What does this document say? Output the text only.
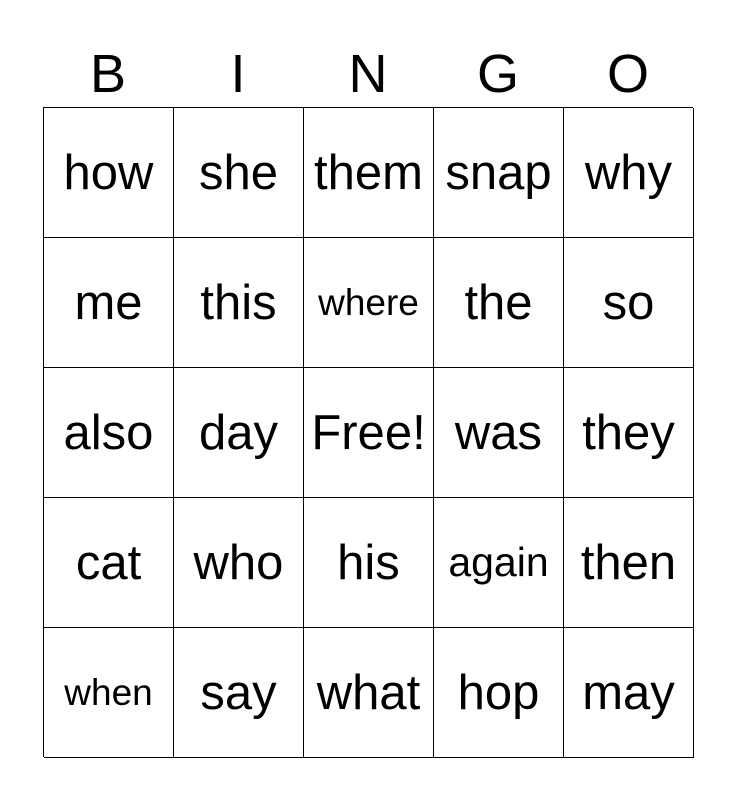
B	I	N	G	O
how she them snap why
me	this	where the	so
also day Free! was they
cat	who	his	again then
when say what hop may
